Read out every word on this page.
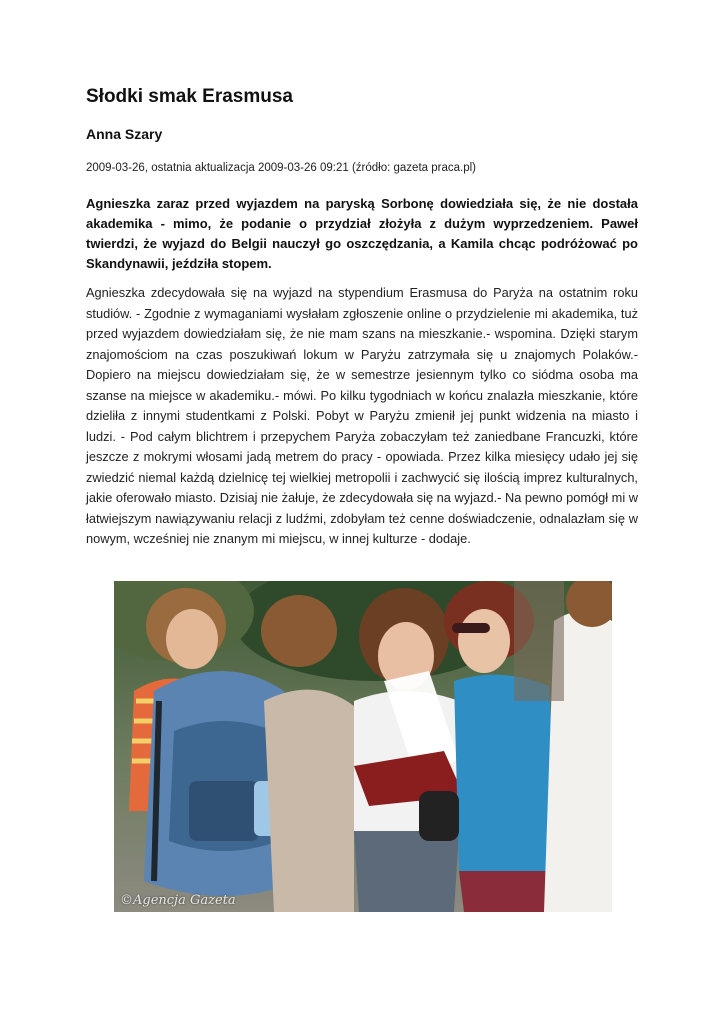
Słodki smak Erasmusa

Anna Szary

2009-03-26, ostatnia aktualizacja 2009-03-26 09:21 (źródło: gazeta praca.pl)

Agnieszka zaraz przed wyjazdem na paryską Sorbonę dowiedziała się, że nie dostała akademika - mimo, że podanie o przydział złożyła z dużym wyprzedzeniem. Paweł twierdzi, że wyjazd do Belgii nauczył go oszczędzania, a Kamila chcąc podróżować po Skandynawii, jeździła stopem.

Agnieszka zdecydowała się na wyjazd na stypendium Erasmusa do Paryża na ostatnim roku studiów. - Zgodnie z wymaganiami wysłałam zgłoszenie online o przydzielenie mi akademika, tuż przed wyjazdem dowiedziałam się, że nie mam szans na mieszkanie.- wspomina. Dzięki starym znajomościom na czas poszukiwań lokum w Paryżu zatrzymała się u znajomych Polaków.- Dopiero na miejscu dowiedziałam się, że w semestrze jesiennym tylko co siódma osoba ma szanse na miejsce w akademiku.- mówi. Po kilku tygodniach w końcu znalazła mieszkanie, które dzieliła z innymi studentkami z Polski. Pobyt w Paryżu zmienił jej punkt widzenia na miasto i ludzi. - Pod całym blichtrem i przepychem Paryża zobaczyłam też zaniedbane Francuzki, które jeszcze z mokrymi włosami jadą metrem do pracy - opowiada. Przez kilka miesięcy udało jej się zwiedzić niemal każdą dzielnicę tej wielkiej metropolii i zachwycić się ilością imprez kulturalnych, jakie oferowało miasto. Dzisiaj nie żałuje, że zdecydowała się na wyjazd.- Na pewno pomógł mi w łatwiejszym nawiązywaniu relacji z ludźmi, zdobyłam też cenne doświadczenie, odnalazłam się w nowym, wcześniej nie znanym mi miejscu, w innej kulturze - dodaje.

©Agencja Gazeta
